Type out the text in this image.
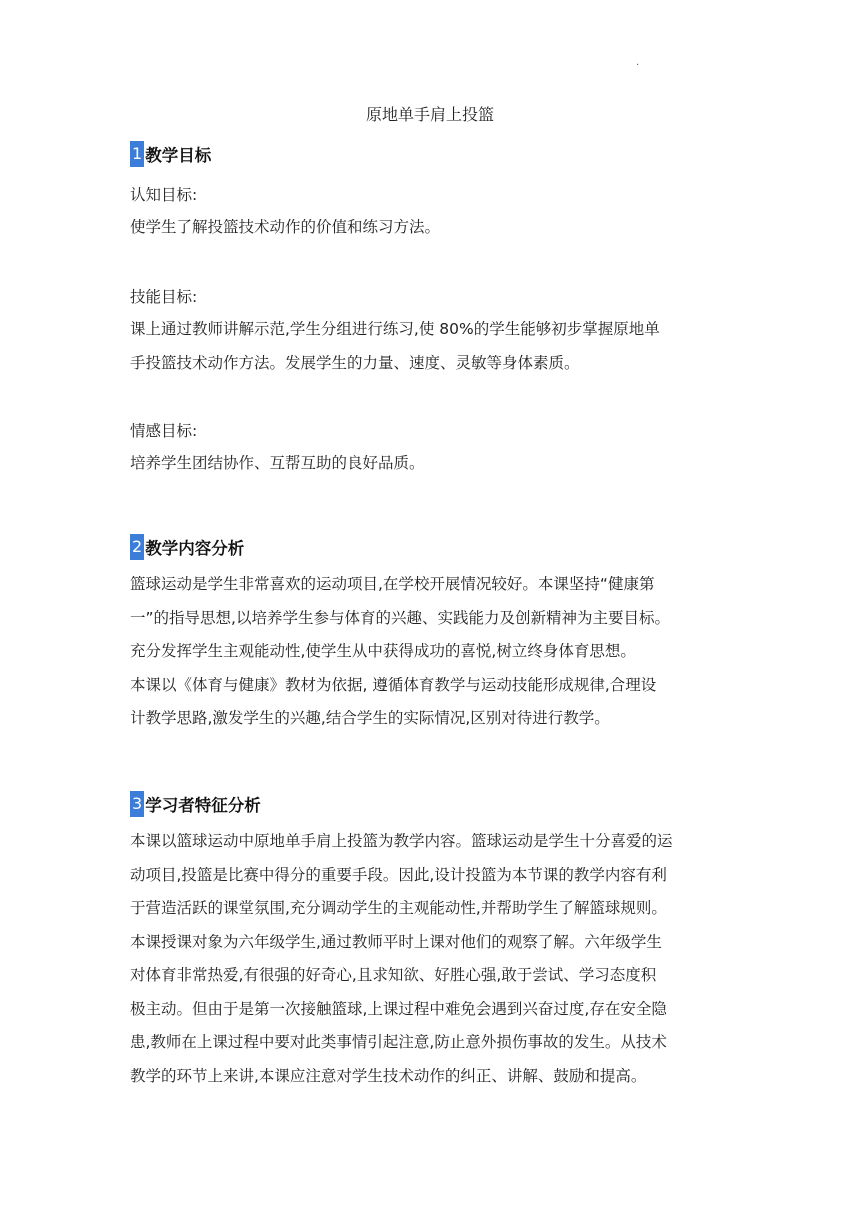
.
原地单手肩上投篮
1 教学目标
认知目标:
使学生了解投篮技术动作的价值和练习方法。
技能目标:
课上通过教师讲解示范,学生分组进行练习,使 80%的学生能够初步掌握原地单
手投篮技术动作方法。发展学生的力量、速度、灵敏等身体素质。
情感目标:
培养学生团结协作、互帮互助的良好品质。
2 教学内容分析
篮球运动是学生非常喜欢的运动项目,在学校开展情况较好。本课坚持“健康第
一”的指导思想,以培养学生参与体育的兴趣、实践能力及创新精神为主要目标。
充分发挥学生主观能动性,使学生从中获得成功的喜悦,树立终身体育思想。
本课以《体育与健康》教材为依据, 遵循体育教学与运动技能形成规律,合理设
计教学思路,激发学生的兴趣,结合学生的实际情况,区别对待进行教学。
3 学习者特征分析
本课以篮球运动中原地单手肩上投篮为教学内容。篮球运动是学生十分喜爱的运
动项目,投篮是比赛中得分的重要手段。因此,设计投篮为本节课的教学内容有利
于营造活跃的课堂氛围,充分调动学生的主观能动性,并帮助学生了解篮球规则。
本课授课对象为六年级学生,通过教师平时上课对他们的观察了解。六年级学生
对体育非常热爱,有很强的好奇心,且求知欲、好胜心强,敢于尝试、学习态度积
极主动。但由于是第一次接触篮球,上课过程中难免会遇到兴奋过度,存在安全隐
患,教师在上课过程中要对此类事情引起注意,防止意外损伤事故的发生。从技术
教学的环节上来讲,本课应注意对学生技术动作的纠正、讲解、鼓励和提高。
